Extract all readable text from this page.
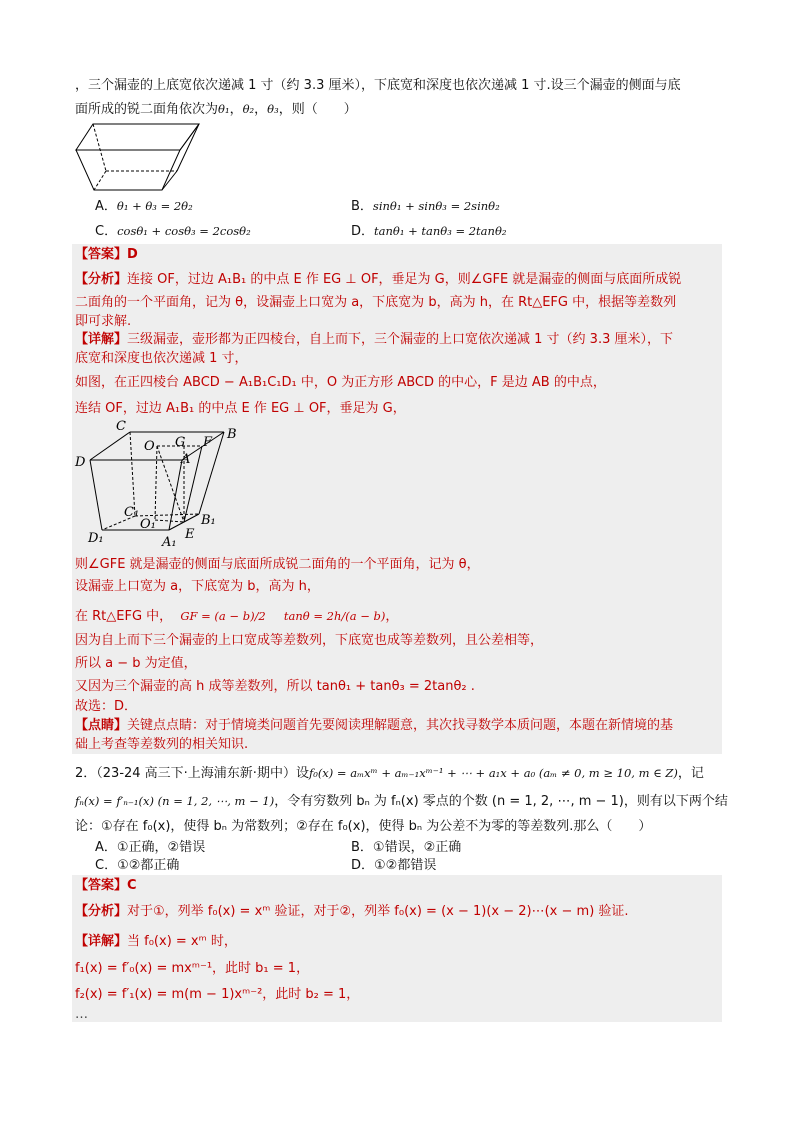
，三个漏壶的上底宽依次递减 1 寸（约 3.3 厘米），下底宽和深度也依次递减 1 寸.设三个漏壶的侧面与底
面所成的锐二面角依次为θ₁，θ₂，θ₃，则（　　）
A．θ₁ + θ₃ = 2θ₂	B．sinθ₁ + sinθ₃ = 2sinθ₂
C．cosθ₁ + cosθ₃ = 2cosθ₂	D．tanθ₁ + tanθ₃ = 2tanθ₂
【答案】D
【分析】连接 OF，过边 A₁B₁ 的中点 E 作 EG ⊥ OF，垂足为 G，则∠GFE 就是漏壶的侧面与底面所成锐
二面角的一个平面角，记为 θ，设漏壶上口宽为 a，下底宽为 b，高为 h，在 Rt△EFG 中，根据等差数列
即可求解.
【详解】三级漏壶，壶形都为正四棱台，自上而下，三个漏壶的上口宽依次递减 1 寸（约 3.3 厘米），下
底宽和深度也依次递减 1 寸，
如图，在正四棱台 ABCD − A₁B₁C₁D₁ 中，O 为正方形 ABCD 的中心，F 是边 AB 的中点，
连结 OF，过边 A₁B₁ 的中点 E 作 EG ⊥ OF，垂足为 G，
C
O G F
B
A
D
C₁
O₁	B₁
D₁	E
A₁
则∠GFE 就是漏壶的侧面与底面所成锐二面角的一个平面角，记为 θ，
设漏壶上口宽为 a，下底宽为 b，高为 h，
在 Rt△EFG 中， GF = (a − b)/2 tanθ = 2h/(a − b)，
因为自上而下三个漏壶的上口宽成等差数列，下底宽也成等差数列，且公差相等，
所以 a − b 为定值，
又因为三个漏壶的高 h 成等差数列，所以 tanθ₁ + tanθ₃ = 2tanθ₂ .
故选：D．
【点睛】关键点点睛：对于情境类问题首先要阅读理解题意，其次找寻数学本质问题，本题在新情境的基
础上考查等差数列的相关知识.
2．（23-24 高三下·上海浦东新·期中）设f₀(x) = aₘxᵐ + aₘ₋₁xᵐ⁻¹ + ⋯ + a₁x + a₀ (aₘ ≠ 0, m ≥ 10, m ∈ Z)，记
fₙ(x) = f′ₙ₋₁(x) (n = 1, 2, ⋯, m − 1)，令有穷数列 bₙ 为 fₙ(x) 零点的个数 (n = 1, 2, ⋯, m − 1)，则有以下两个结
论：①存在 f₀(x)，使得 bₙ 为常数列；②存在 f₀(x)，使得 bₙ 为公差不为零的等差数列.那么（　　）
A．①正确，②错误	B．①错误，②正确
C．①②都正确	D．①②都错误
【答案】C
【分析】对于①，列举 f₀(x) = xᵐ 验证，对于②，列举 f₀(x) = (x − 1)(x − 2)⋯(x − m) 验证.
【详解】当 f₀(x) = xᵐ 时，
f₁(x) = f′₀(x) = mxᵐ⁻¹，此时 b₁ = 1，
f₂(x) = f′₁(x) = m(m − 1)xᵐ⁻²，此时 b₂ = 1，
…
